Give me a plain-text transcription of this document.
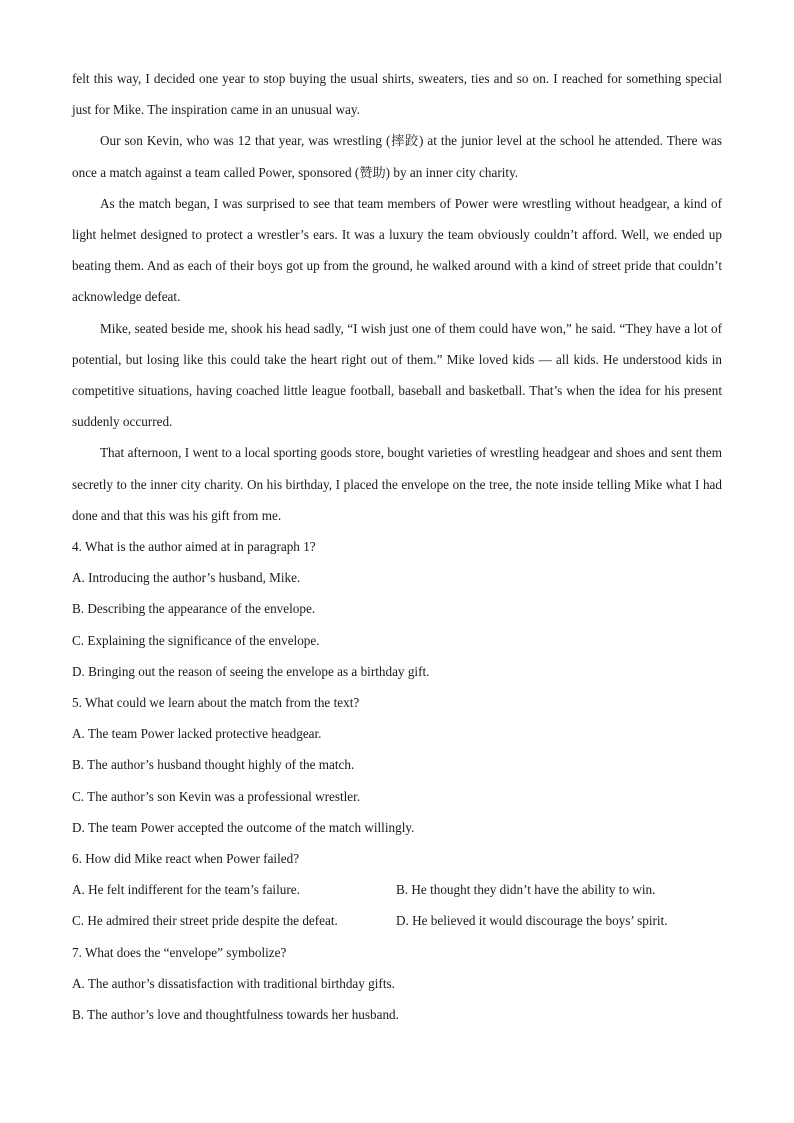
felt this way, I decided one year to stop buying the usual shirts, sweaters, ties and so on. I reached for something special just for Mike. The inspiration came in an unusual way.

Our son Kevin, who was 12 that year, was wrestling (摔跤) at the junior level at the school he attended. There was once a match against a team called Power, sponsored (赞助) by an inner city charity.

As the match began, I was surprised to see that team members of Power were wrestling without headgear, a kind of light helmet designed to protect a wrestler’s ears. It was a luxury the team obviously couldn’t afford. Well, we ended up beating them. And as each of their boys got up from the ground, he walked around with a kind of street pride that couldn’t acknowledge defeat.

Mike, seated beside me, shook his head sadly, “I wish just one of them could have won,” he said. “They have a lot of potential, but losing like this could take the heart right out of them.” Mike loved kids — all kids. He understood kids in competitive situations, having coached little league football, baseball and basketball. That’s when the idea for his present suddenly occurred.

That afternoon, I went to a local sporting goods store, bought varieties of wrestling headgear and shoes and sent them secretly to the inner city charity. On his birthday, I placed the envelope on the tree, the note inside telling Mike what I had done and that this was his gift from me.

4. What is the author aimed at in paragraph 1?

A. Introducing the author’s husband, Mike.

B. Describing the appearance of the envelope.

C. Explaining the significance of the envelope.

D. Bringing out the reason of seeing the envelope as a birthday gift.

5. What could we learn about the match from the text?

A. The team Power lacked protective headgear.

B. The author’s husband thought highly of the match.

C. The author’s son Kevin was a professional wrestler.

D. The team Power accepted the outcome of the match willingly.

6. How did Mike react when Power failed?

A. He felt indifferent for the team’s failure.	B. He thought they didn’t have the ability to win.
C. He admired their street pride despite the defeat.	D. He believed it would discourage the boys’ spirit.

7. What does the “envelope” symbolize?

A. The author’s dissatisfaction with traditional birthday gifts.

B. The author’s love and thoughtfulness towards her husband.
